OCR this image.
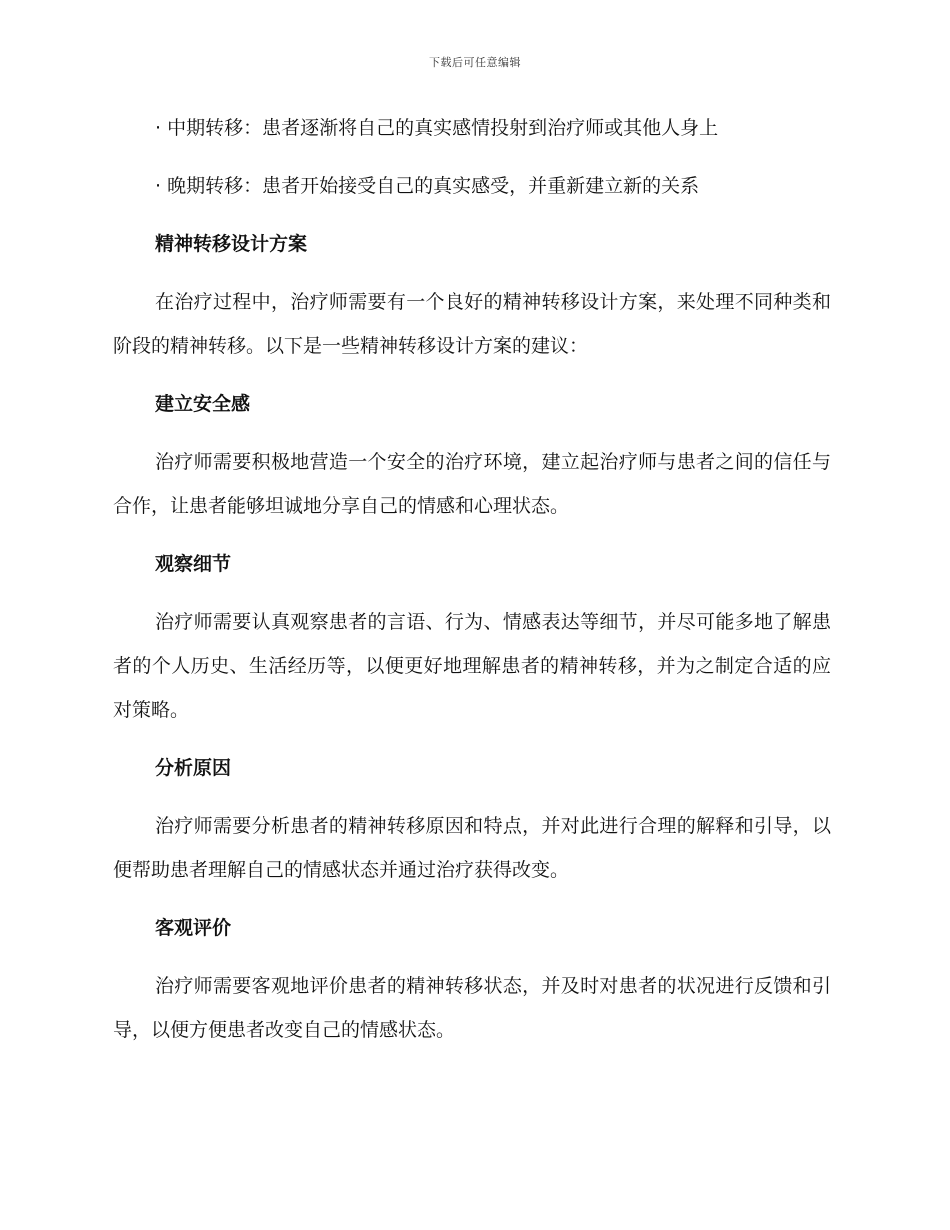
下载后可任意编辑

· 中期转移：患者逐渐将自己的真实感情投射到治疗师或其他人身上

· 晚期转移：患者开始接受自己的真实感受，并重新建立新的关系

精神转移设计方案

在治疗过程中，治疗师需要有一个良好的精神转移设计方案，来处理不同种类和阶段的精神转移。以下是一些精神转移设计方案的建议：

建立安全感

治疗师需要积极地营造一个安全的治疗环境，建立起治疗师与患者之间的信任与合作，让患者能够坦诚地分享自己的情感和心理状态。

观察细节

治疗师需要认真观察患者的言语、行为、情感表达等细节，并尽可能多地了解患者的个人历史、生活经历等，以便更好地理解患者的精神转移，并为之制定合适的应对策略。

分析原因

治疗师需要分析患者的精神转移原因和特点，并对此进行合理的解释和引导，以便帮助患者理解自己的情感状态并通过治疗获得改变。

客观评价

治疗师需要客观地评价患者的精神转移状态，并及时对患者的状况进行反馈和引导，以便方便患者改变自己的情感状态。
